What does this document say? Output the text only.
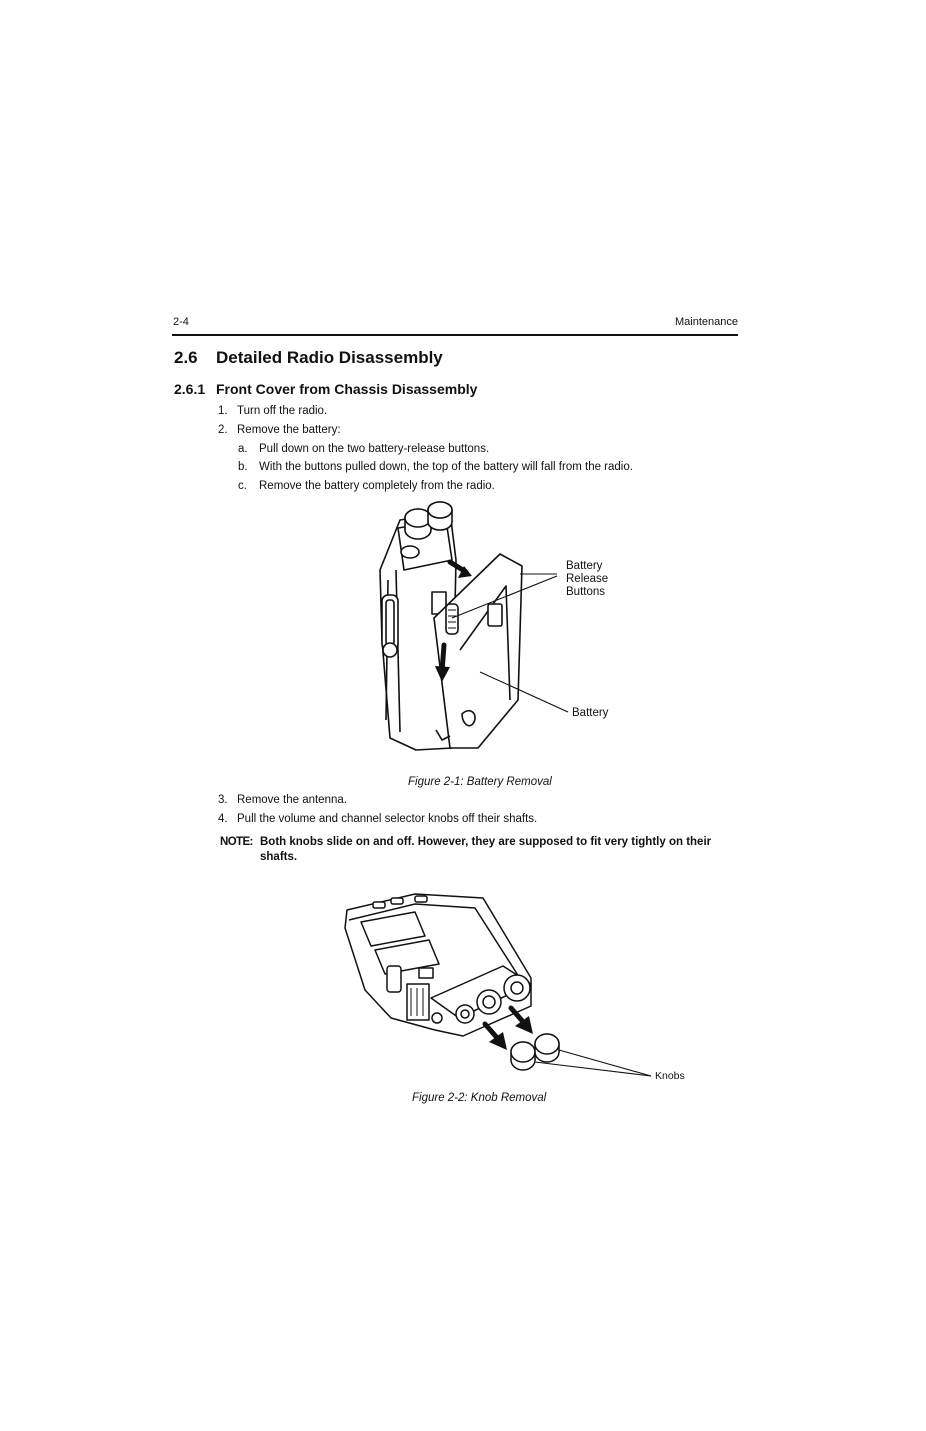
2-4	Maintenance
2.6 Detailed Radio Disassembly
2.6.1 Front Cover from Chassis Disassembly
1. Turn off the radio.
2. Remove the battery:
a. Pull down on the two battery-release buttons.
b. With the buttons pulled down, the top of the battery will fall from the radio.
c. Remove the battery completely from the radio.
Battery
Release
Buttons
Battery
Figure 2-1: Battery Removal
3. Remove the antenna.
4. Pull the volume and channel selector knobs off their shafts.
NOTE: Both knobs slide on and off. However, they are supposed to fit very tightly on their shafts.
Knobs
Figure 2-2: Knob Removal
